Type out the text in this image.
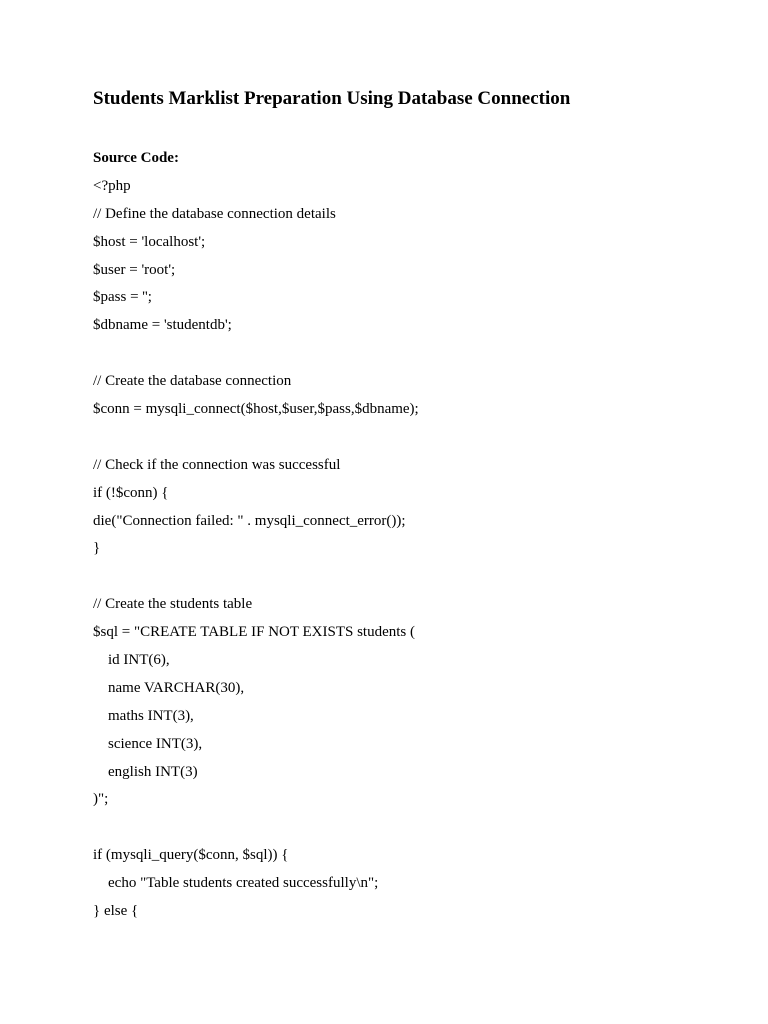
Students Marklist Preparation Using Database Connection
Source Code:
<?php
// Define the database connection details
$host = 'localhost';
$user = 'root';
$pass = '';
$dbname = 'studentdb';
// Create the database connection
$conn = mysqli_connect($host,$user,$pass,$dbname);
// Check if the connection was successful
if (!$conn) {
die("Connection failed: " . mysqli_connect_error());
}
// Create the students table
$sql = "CREATE TABLE IF NOT EXISTS students (
id INT(6),
name VARCHAR(30),
maths INT(3),
science INT(3),
english INT(3)
)";
if (mysqli_query($conn, $sql)) {
echo "Table students created successfully\n";
} else {
